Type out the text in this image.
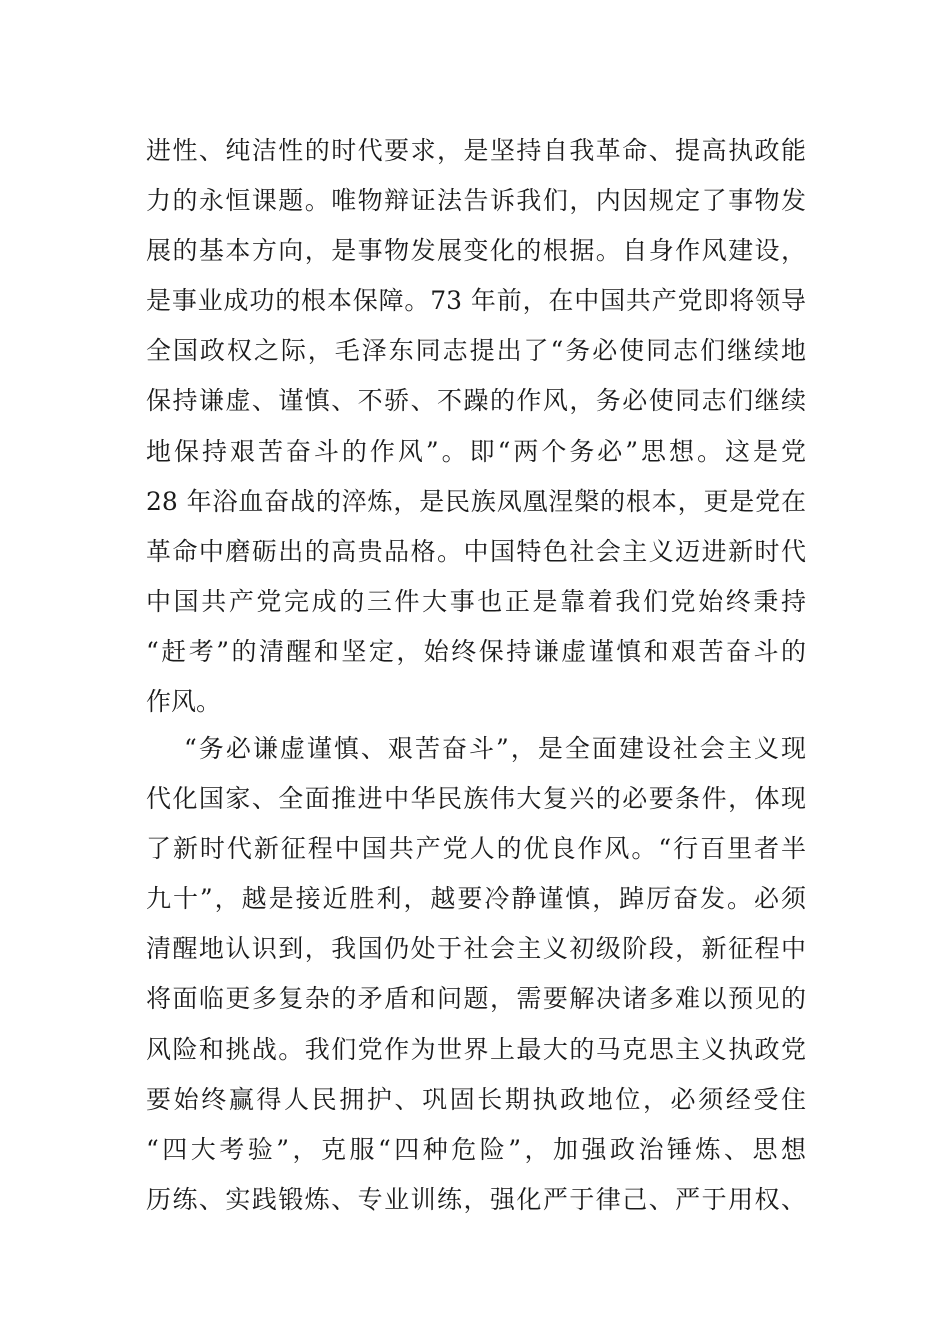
进性、纯洁性的时代要求，是坚持自我革命、提高执政能
力的永恒课题。唯物辩证法告诉我们，内因规定了事物发
展的基本方向，是事物发展变化的根据。自身作风建设，
是事业成功的根本保障。73 年前，在中国共产党即将领导
全国政权之际，毛泽东同志提出了“务必使同志们继续地
保持谦虚、谨慎、不骄、不躁的作风，务必使同志们继续
地保持艰苦奋斗的作风”。即“两个务必”思想。这是党
28 年浴血奋战的淬炼，是民族凤凰涅槃的根本，更是党在
革命中磨砺出的高贵品格。中国特色社会主义迈进新时代
中国共产党完成的三件大事也正是靠着我们党始终秉持
“赶考”的清醒和坚定，始终保持谦虚谨慎和艰苦奋斗的
作风。
“务必谦虚谨慎、艰苦奋斗”，是全面建设社会主义现
代化国家、全面推进中华民族伟大复兴的必要条件，体现
了新时代新征程中国共产党人的优良作风。“行百里者半
九十”，越是接近胜利，越要冷静谨慎，踔厉奋发。必须
清醒地认识到，我国仍处于社会主义初级阶段，新征程中
将面临更多复杂的矛盾和问题，需要解决诸多难以预见的
风险和挑战。我们党作为世界上最大的马克思主义执政党
要始终赢得人民拥护、巩固长期执政地位，必须经受住
“四大考验”，克服“四种危险”，加强政治锤炼、思想
历练、实践锻炼、专业训练，强化严于律己、严于用权、
